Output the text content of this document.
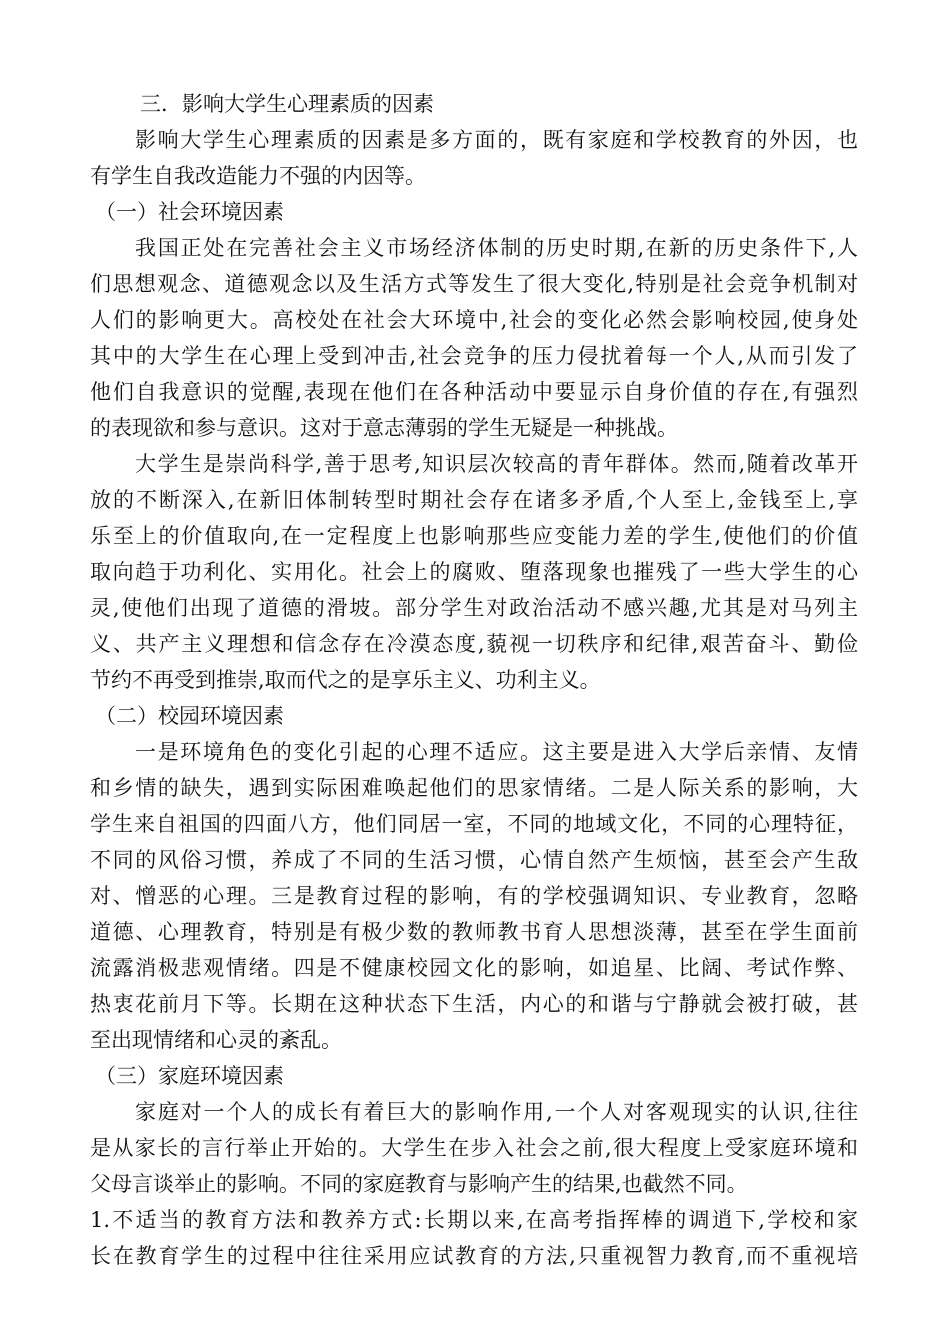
三．影响大学生心理素质的因素
影响大学生心理素质的因素是多方面的，既有家庭和学校教育的外因，也
有学生自我改造能力不强的内因等。
（一）社会环境因素
我国正处在完善社会主义市场经济体制的历史时期,在新的历史条件下,人
们思想观念、道德观念以及生活方式等发生了很大变化,特别是社会竞争机制对
人们的影响更大。高校处在社会大环境中,社会的变化必然会影响校园,使身处
其中的大学生在心理上受到冲击,社会竞争的压力侵扰着每一个人,从而引发了
他们自我意识的觉醒,表现在他们在各种活动中要显示自身价值的存在,有强烈
的表现欲和参与意识。这对于意志薄弱的学生无疑是一种挑战。
大学生是崇尚科学,善于思考,知识层次较高的青年群体。然而,随着改革开
放的不断深入,在新旧体制转型时期社会存在诸多矛盾,个人至上,金钱至上,享
乐至上的价值取向,在一定程度上也影响那些应变能力差的学生,使他们的价值
取向趋于功利化、实用化。社会上的腐败、堕落现象也摧残了一些大学生的心
灵,使他们出现了道德的滑坡。部分学生对政治活动不感兴趣,尤其是对马列主
义、共产主义理想和信念存在冷漠态度,藐视一切秩序和纪律,艰苦奋斗、勤俭
节约不再受到推崇,取而代之的是享乐主义、功利主义。
（二）校园环境因素
一是环境角色的变化引起的心理不适应。这主要是进入大学后亲情、友情
和乡情的缺失，遇到实际困难唤起他们的思家情绪。二是人际关系的影响，大
学生来自祖国的四面八方，他们同居一室，不同的地域文化，不同的心理特征，
不同的风俗习惯，养成了不同的生活习惯，心情自然产生烦恼，甚至会产生敌
对、憎恶的心理。三是教育过程的影响，有的学校强调知识、专业教育，忽略
道德、心理教育，特别是有极少数的教师教书育人思想淡薄，甚至在学生面前
流露消极悲观情绪。四是不健康校园文化的影响，如追星、比阔、考试作弊、
热衷花前月下等。长期在这种状态下生活，内心的和谐与宁静就会被打破，甚
至出现情绪和心灵的紊乱。
（三）家庭环境因素
家庭对一个人的成长有着巨大的影响作用,一个人对客观现实的认识,往往
是从家长的言行举止开始的。大学生在步入社会之前,很大程度上受家庭环境和
父母言谈举止的影响。不同的家庭教育与影响产生的结果,也截然不同。
1.不适当的教育方法和教养方式:长期以来,在高考指挥棒的调逍下,学校和家
长在教育学生的过程中往往采用应试教育的方法,只重视智力教育,而不重视培
